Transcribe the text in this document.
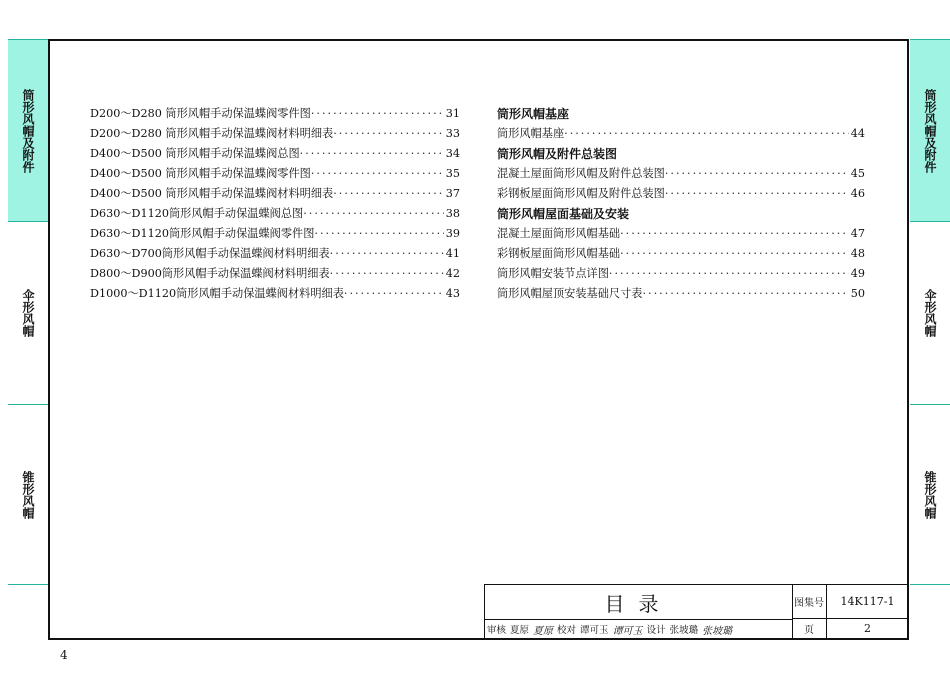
筒形风帽及附件
伞形风帽
锥形风帽
筒形风帽及附件
伞形风帽
锥形风帽
D200～D280 筒形风帽手动保温蝶阀零件图 ·····	31
D200～D280 筒形风帽手动保温蝶阀材料明细表 ·····	33
D400～D500 筒形风帽手动保温蝶阀总图 ·····	34
D400～D500 筒形风帽手动保温蝶阀零件图 ·····	35
D400～D500 筒形风帽手动保温蝶阀材料明细表 ·····	37
D630～D1120筒形风帽手动保温蝶阀总图 ·····	38
D630～D1120筒形风帽手动保温蝶阀零件图 ·····	39
D630～D700筒形风帽手动保温蝶阀材料明细表 ·····	41
D800～D900筒形风帽手动保温蝶阀材料明细表 ·····	42
D1000～D1120筒形风帽手动保温蝶阀材料明细表 ·····	43
筒形风帽基座
筒形风帽基座 ·····	44
筒形风帽及附件总装图
混凝土屋面筒形风帽及附件总装图 ·····	45
彩钢板屋面筒形风帽及附件总装图 ·····	46
筒形风帽屋面基础及安装
混凝土屋面筒形风帽基础 ·····	47
彩钢板屋面筒形风帽基础 ·····	48
筒形风帽安装节点详图 ·····	49
筒形风帽屋顶安装基础尺寸表 ·····	50
目录	图集号	14K117-1
页	2
审核 夏原 夏原 校对 谭可玉 谭可玉 设计 张坡璐 张坡璐
4
